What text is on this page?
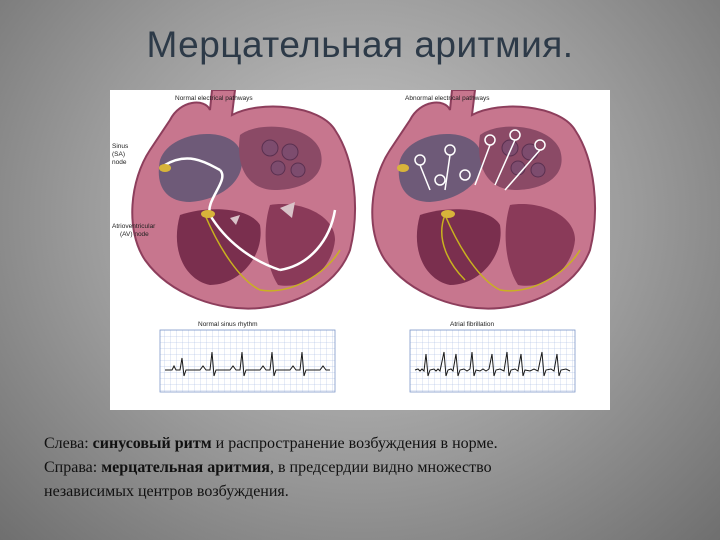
Мерцательная аритмия.
Normal electrical pathways
Sinus
(SA)
node
Atrioventricular
(AV) node
Abnormal electrical pathways
Normal sinus rhythm	Atrial fibrillation

Слева: синусовый ритм и распространение возбуждения в норме.

Справа: мерцательная аритмия, в предсердии видно множество

независимых центров возбуждения.
